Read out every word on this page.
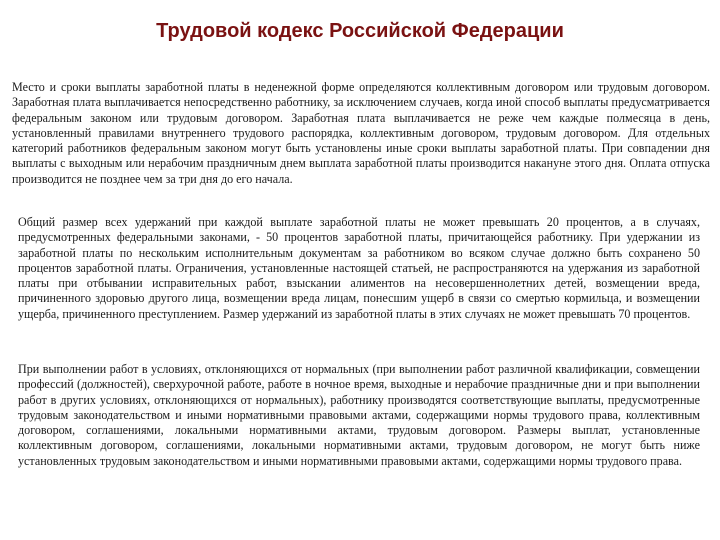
Трудовой кодекс Российской Федерации

Место и сроки выплаты заработной платы в неденежной форме определяются коллективным договором или трудовым договором. Заработная плата выплачивается непосредственно работнику, за исключением случаев, когда иной способ выплаты предусматривается федеральным законом или трудовым договором. Заработная плата выплачивается не реже чем каждые полмесяца в день, установленный правилами внутреннего трудового распорядка, коллективным договором, трудовым договором. Для отдельных категорий работников федеральным законом могут быть установлены иные сроки выплаты заработной платы. При совпадении дня выплаты с выходным или нерабочим праздничным днем выплата заработной платы производится накануне этого дня. Оплата отпуска производится не позднее чем за три дня до его начала.

Общий размер всех удержаний при каждой выплате заработной платы не может превышать 20 процентов, а в случаях, предусмотренных федеральными законами, - 50 процентов заработной платы, причитающейся работнику. При удержании из заработной платы по нескольким исполнительным документам за работником во всяком случае должно быть сохранено 50 процентов заработной платы. Ограничения, установленные настоящей статьей, не распространяются на удержания из заработной платы при отбывании исправительных работ, взыскании алиментов на несовершеннолетних детей, возмещении вреда, причиненного здоровью другого лица, возмещении вреда лицам, понесшим ущерб в связи со смертью кормильца, и возмещении ущерба, причиненного преступлением. Размер удержаний из заработной платы в этих случаях не может превышать 70 процентов.

При выполнении работ в условиях, отклоняющихся от нормальных (при выполнении работ различной квалификации, совмещении профессий (должностей), сверхурочной работе, работе в ночное время, выходные и нерабочие праздничные дни и при выполнении работ в других условиях, отклоняющихся от нормальных), работнику производятся соответствующие выплаты, предусмотренные трудовым законодательством и иными нормативными правовыми актами, содержащими нормы трудового права, коллективным договором, соглашениями, локальными нормативными актами, трудовым договором. Размеры выплат, установленные коллективным договором, соглашениями, локальными нормативными актами, трудовым договором, не могут быть ниже установленных трудовым законодательством и иными нормативными правовыми актами, содержащими нормы трудового права.
